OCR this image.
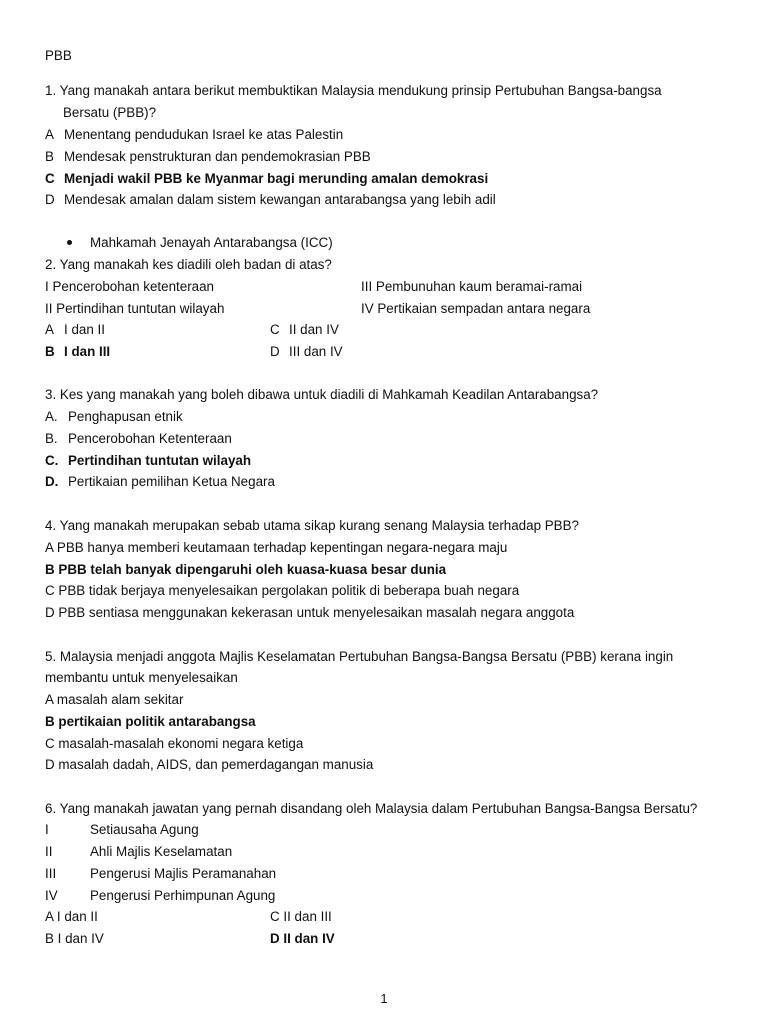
PBB
1. Yang manakah antara berikut membuktikan Malaysia mendukung prinsip Pertubuhan Bangsa-bangsa
Bersatu (PBB)?
A Menentang pendudukan Israel ke atas Palestin
B Mendesak penstrukturan dan pendemokrasian PBB
C Menjadi wakil PBB ke Myanmar bagi merunding amalan demokrasi
D Mendesak amalan dalam sistem kewangan antarabangsa yang lebih adil
Mahkamah Jenayah Antarabangsa (ICC)
2. Yang manakah kes diadili oleh badan di atas?
I Pencerobohan ketenteraan	III Pembunuhan kaum beramai-ramai
II Pertindihan tuntutan wilayah	IV Pertikaian sempadan antara negara
A I dan II	C II dan IV
B I dan III	D III dan IV
3. Kes yang manakah yang boleh dibawa untuk diadili di Mahkamah Keadilan Antarabangsa?
A. Penghapusan etnik
B. Pencerobohan Ketenteraan
C. Pertindihan tuntutan wilayah
D. Pertikaian pemilihan Ketua Negara
4. Yang manakah merupakan sebab utama sikap kurang senang Malaysia terhadap PBB?
A PBB hanya memberi keutamaan terhadap kepentingan negara-negara maju
B PBB telah banyak dipengaruhi oleh kuasa-kuasa besar dunia
C PBB tidak berjaya menyelesaikan pergolakan politik di beberapa buah negara
D PBB sentiasa menggunakan kekerasan untuk menyelesaikan masalah negara anggota
5. Malaysia menjadi anggota Majlis Keselamatan Pertubuhan Bangsa-Bangsa Bersatu (PBB) kerana ingin
membantu untuk menyelesaikan
A masalah alam sekitar
B pertikaian politik antarabangsa
C masalah-masalah ekonomi negara ketiga
D masalah dadah, AIDS, dan pemerdagangan manusia
6. Yang manakah jawatan yang pernah disandang oleh Malaysia dalam Pertubuhan Bangsa-Bangsa Bersatu?
I	Setiausaha Agung
II	Ahli Majlis Keselamatan
III	Pengerusi Majlis Peramanahan
IV Pengerusi Perhimpunan Agung
A I dan II	C II dan III
B I dan IV	D II dan IV
1
